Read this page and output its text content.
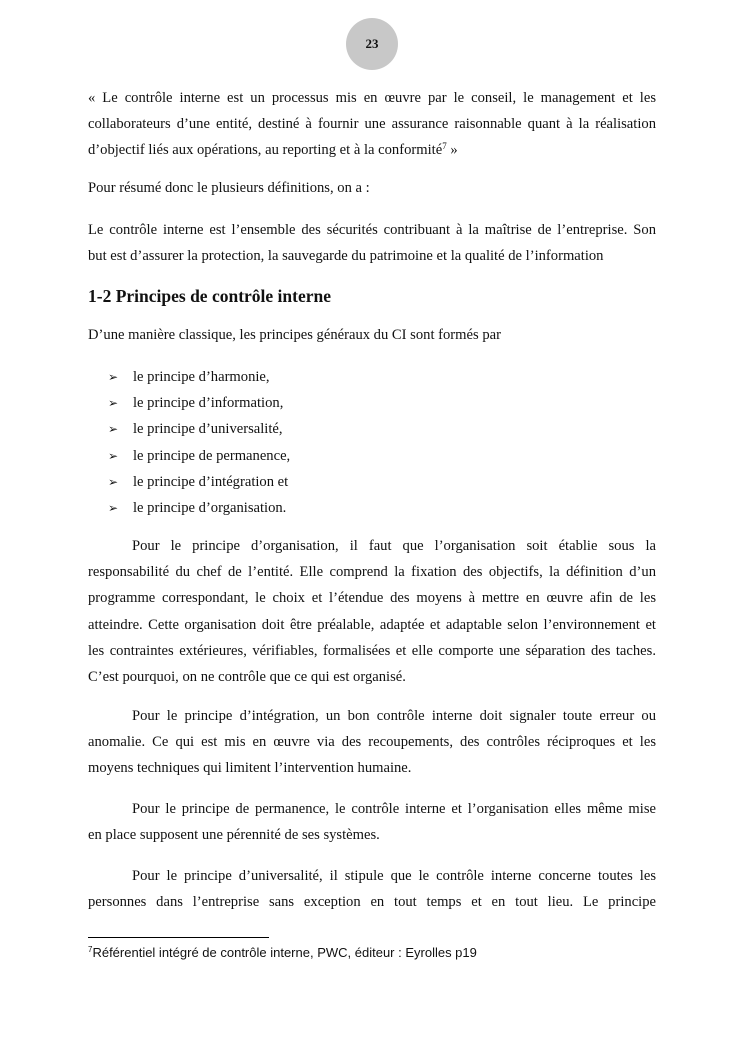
23
« Le contrôle interne est un processus mis en œuvre par le conseil, le management et les
collaborateurs d’une entité, destiné à fournir une assurance raisonnable quant à la réalisation
d’objectif liés aux opérations, au reporting et à la conformité$^7$ »
Pour résumé donc le plusieurs définitions, on a :
Le contrôle interne est l’ensemble des sécurités contribuant à la maîtrise de l’entreprise. Son
but est d’assurer la protection, la sauvegarde du patrimoine et la qualité de l’information
1-2 Principes de contrôle interne
D’une manière classique, les principes généraux du CI sont formés par
➢	le principe d’harmonie,
➢	le principe d’information,
➢	le principe d’universalité,
➢	le principe de permanence,
➢	le principe d’intégration et
➢	le principe d’organisation.
Pour le principe d’organisation, il faut que l’organisation soit établie sous la
responsabilité du chef de l’entité. Elle comprend la fixation des objectifs, la définition d’un
programme correspondant, le choix et l’étendue des moyens à mettre en œuvre afin de les
atteindre. Cette organisation doit être préalable, adaptée et adaptable selon l’environnement et
les contraintes extérieures, vérifiables, formalisées et elle comporte une séparation des taches.
C’est pourquoi, on ne contrôle que ce qui est organisé.
Pour le principe d’intégration, un bon contrôle interne doit signaler toute erreur ou
anomalie. Ce qui est mis en œuvre via des recoupements, des contrôles réciproques et les
moyens techniques qui limitent l’intervention humaine.
Pour le principe de permanence, le contrôle interne et l’organisation elles même mise
en place supposent une pérennité de ses systèmes.
Pour le principe d’universalité, il stipule que le contrôle interne concerne toutes les
personnes dans l’entreprise sans exception en tout temps et en tout lieu. Le principe
$^7$Référentiel intégré de contrôle interne, PWC, éditeur : Eyrolles p19
